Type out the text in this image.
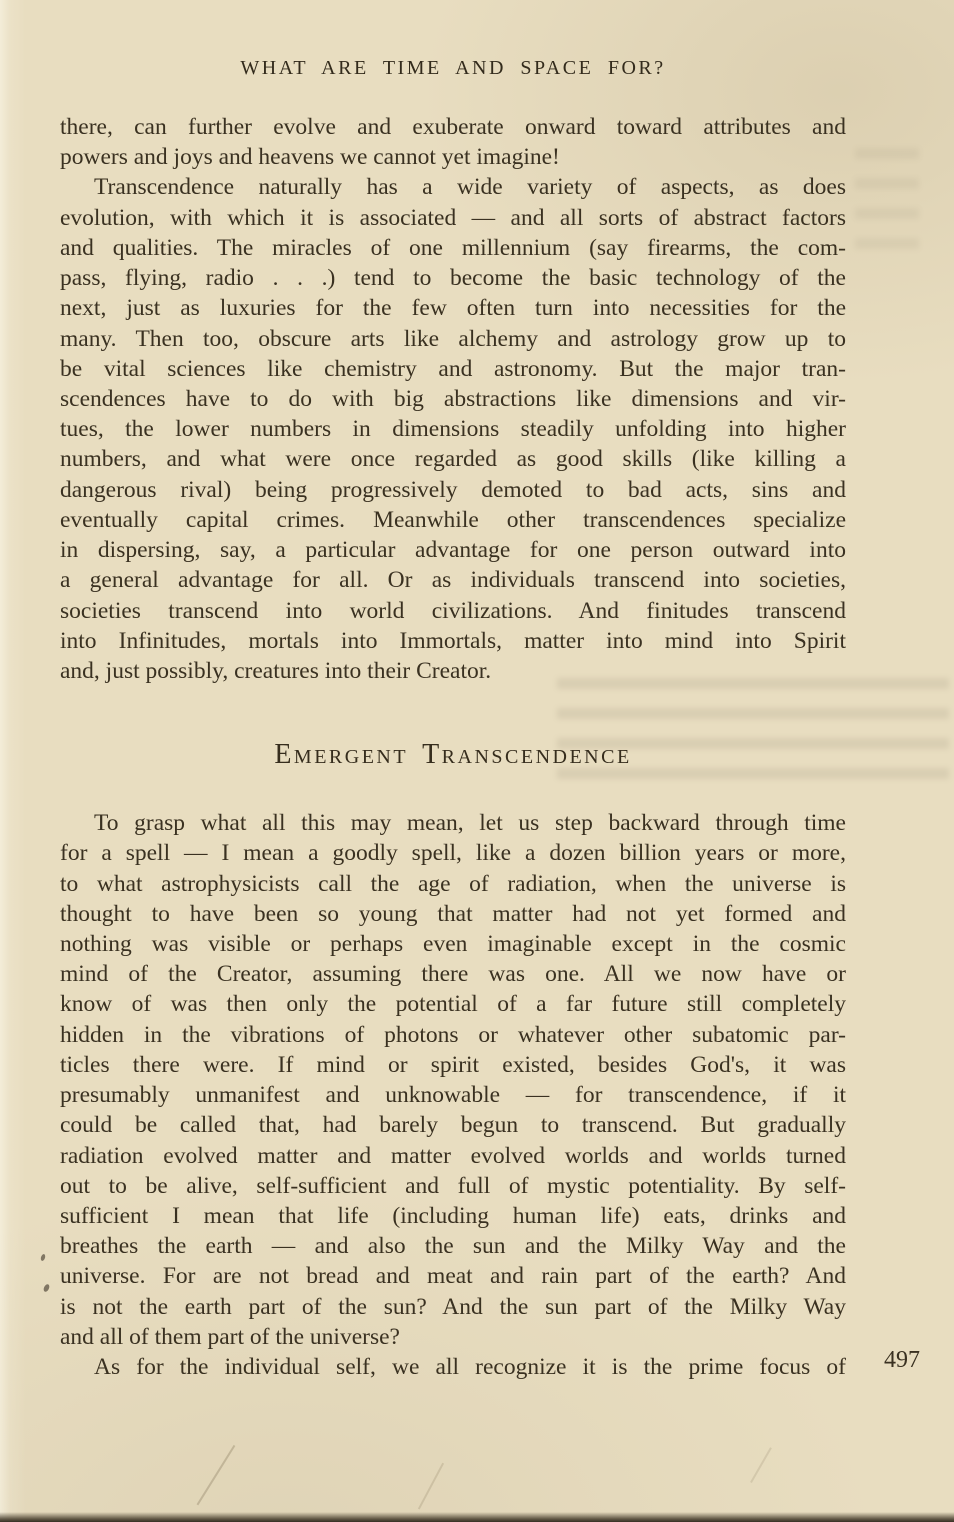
WHAT ARE TIME AND SPACE FOR?
there, can further evolve and exuberate onward toward attributes and
powers and joys and heavens we cannot yet imagine!
Transcendence naturally has a wide variety of aspects, as does
evolution, with which it is associated — and all sorts of abstract factors
and qualities. The miracles of one millennium (say firearms, the com-
pass, flying, radio . . .) tend to become the basic technology of the
next, just as luxuries for the few often turn into necessities for the
many. Then too, obscure arts like alchemy and astrology grow up to
be vital sciences like chemistry and astronomy. But the major tran-
scendences have to do with big abstractions like dimensions and vir-
tues, the lower numbers in dimensions steadily unfolding into higher
numbers, and what were once regarded as good skills (like killing a
dangerous rival) being progressively demoted to bad acts, sins and
eventually capital crimes. Meanwhile other transcendences specialize
in dispersing, say, a particular advantage for one person outward into
a general advantage for all. Or as individuals transcend into societies,
societies transcend into world civilizations. And finitudes transcend
into Infinitudes, mortals into Immortals, matter into mind into Spirit
and, just possibly, creatures into their Creator.
Emergent Transcendence
To grasp what all this may mean, let us step backward through time
for a spell — I mean a goodly spell, like a dozen billion years or more,
to what astrophysicists call the age of radiation, when the universe is
thought to have been so young that matter had not yet formed and
nothing was visible or perhaps even imaginable except in the cosmic
mind of the Creator, assuming there was one. All we now have or
know of was then only the potential of a far future still completely
hidden in the vibrations of photons or whatever other subatomic par-
ticles there were. If mind or spirit existed, besides God's, it was
presumably unmanifest and unknowable — for transcendence, if it
could be called that, had barely begun to transcend. But gradually
radiation evolved matter and matter evolved worlds and worlds turned
out to be alive, self-sufficient and full of mystic potentiality. By self-
sufficient I mean that life (including human life) eats, drinks and
breathes the earth — and also the sun and the Milky Way and the
universe. For are not bread and meat and rain part of the earth? And
is not the earth part of the sun? And the sun part of the Milky Way
and all of them part of the universe?
As for the individual self, we all recognize it is the prime focus of 497
